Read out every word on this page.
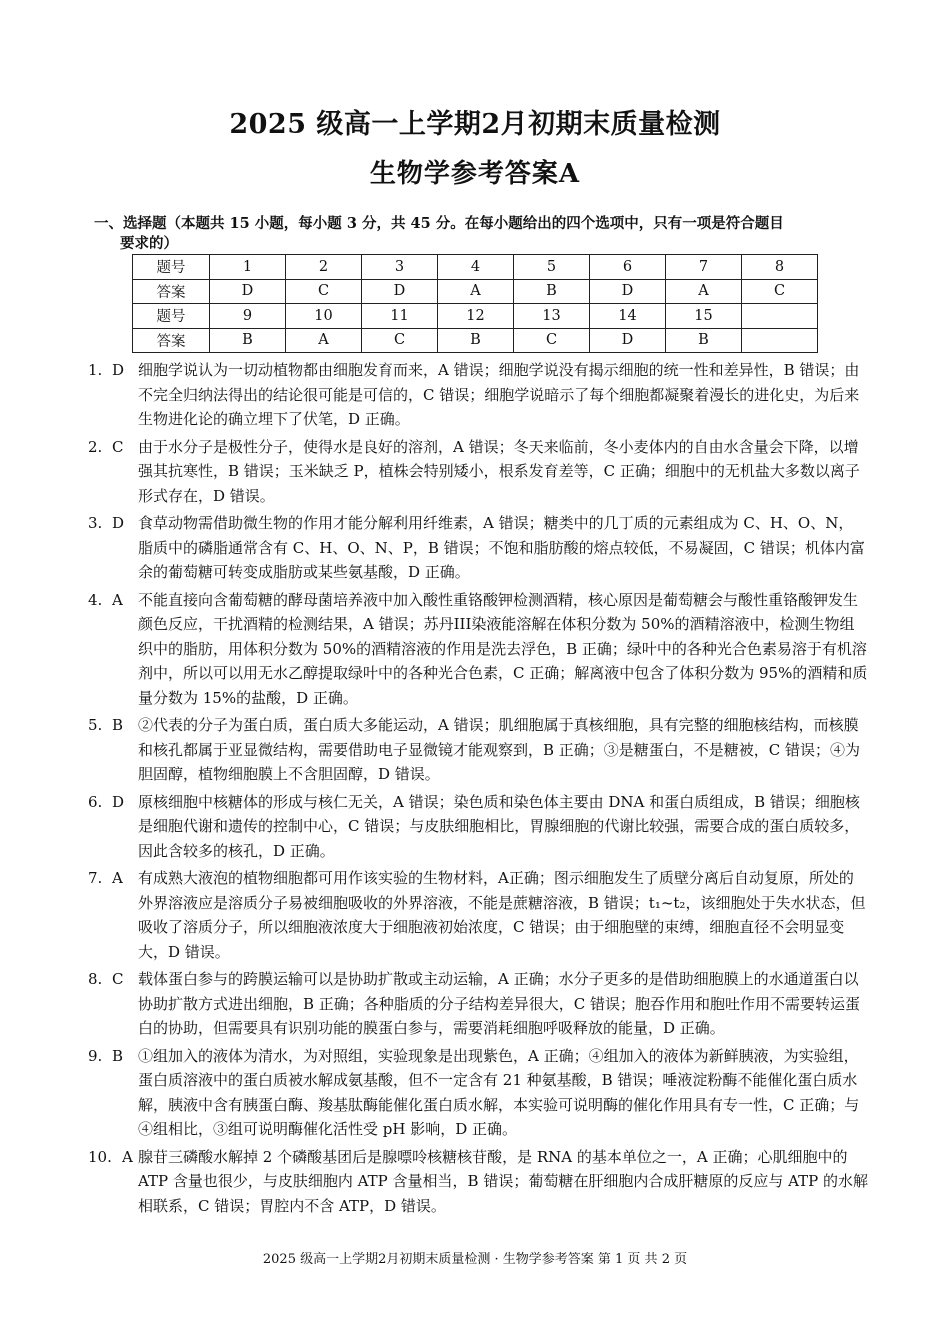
2025 级高一上学期2月初期末质量检测
生物学参考答案A
一、选择题（本题共 15 小题，每小题 3 分，共 45 分。在每小题给出的四个选项中，只有一项是符合题目
要求的）
题号	1	2	3	4	5	6	7	8
答案	D	C	D	A	B	D	A	C
题号	9	10	11	12	13	14	15	
答案	B	A	C	B	C	D	B	
1. D 细胞学说认为一切动植物都由细胞发育而来，A 错误；细胞学说没有揭示细胞的统一性和差异性，B 错误；由不完全归纳法得出的结论很可能是可信的，C 错误；细胞学说暗示了每个细胞都凝聚着漫长的进化史，为后来生物进化论的确立埋下了伏笔，D 正确。
2. C 由于水分子是极性分子，使得水是良好的溶剂，A 错误；冬天来临前，冬小麦体内的自由水含量会下降，以增强其抗寒性，B 错误；玉米缺乏 P，植株会特别矮小，根系发育差等，C 正确；细胞中的无机盐大多数以离子形式存在，D 错误。
3. D 食草动物需借助微生物的作用才能分解利用纤维素，A 错误；糖类中的几丁质的元素组成为 C、H、O、N，脂质中的磷脂通常含有 C、H、O、N、P，B 错误；不饱和脂肪酸的熔点较低，不易凝固，C 错误；机体内富余的葡萄糖可转变成脂肪或某些氨基酸，D 正确。
4. A 不能直接向含葡萄糖的酵母菌培养液中加入酸性重铬酸钾检测酒精，核心原因是葡萄糖会与酸性重铬酸钾发生颜色反应，干扰酒精的检测结果，A 错误；苏丹III染液能溶解在体积分数为 50%的酒精溶液中，检测生物组织中的脂肪，用体积分数为 50%的酒精溶液的作用是洗去浮色，B 正确；绿叶中的各种光合色素易溶于有机溶剂中，所以可以用无水乙醇提取绿叶中的各种光合色素，C 正确；解离液中包含了体积分数为 95%的酒精和质量分数为 15%的盐酸，D 正确。
5. B ②代表的分子为蛋白质，蛋白质大多能运动，A 错误；肌细胞属于真核细胞，具有完整的细胞核结构，而核膜和核孔都属于亚显微结构，需要借助电子显微镜才能观察到，B 正确；③是糖蛋白，不是糖被，C 错误；④为胆固醇，植物细胞膜上不含胆固醇，D 错误。
6. D 原核细胞中核糖体的形成与核仁无关，A 错误；染色质和染色体主要由 DNA 和蛋白质组成，B 错误；细胞核是细胞代谢和遗传的控制中心，C 错误；与皮肤细胞相比，胃腺细胞的代谢比较强，需要合成的蛋白质较多，因此含较多的核孔，D 正确。
7. A 有成熟大液泡的植物细胞都可用作该实验的生物材料，A正确；图示细胞发生了质壁分离后自动复原，所处的外界溶液应是溶质分子易被细胞吸收的外界溶液，不能是蔗糖溶液，B 错误；t₁~t₂，该细胞处于失水状态，但吸收了溶质分子，所以细胞液浓度大于细胞液初始浓度，C 错误；由于细胞壁的束缚，细胞直径不会明显变大，D 错误。
8. C 载体蛋白参与的跨膜运输可以是协助扩散或主动运输，A 正确；水分子更多的是借助细胞膜上的水通道蛋白以协助扩散方式进出细胞，B 正确；各种脂质的分子结构差异很大，C 错误；胞吞作用和胞吐作用不需要转运蛋白的协助，但需要具有识别功能的膜蛋白参与，需要消耗细胞呼吸释放的能量，D 正确。
9. B ①组加入的液体为清水，为对照组，实验现象是出现紫色，A 正确；④组加入的液体为新鲜胰液，为实验组，蛋白质溶液中的蛋白质被水解成氨基酸，但不一定含有 21 种氨基酸，B 错误；唾液淀粉酶不能催化蛋白质水解，胰液中含有胰蛋白酶、羧基肽酶能催化蛋白质水解，本实验可说明酶的催化作用具有专一性，C 正确；与④组相比，③组可说明酶催化活性受 pH 影响，D 正确。
10. A 腺苷三磷酸水解掉 2 个磷酸基团后是腺嘌呤核糖核苷酸，是 RNA 的基本单位之一，A 正确；心肌细胞中的 ATP 含量也很少，与皮肤细胞内 ATP 含量相当，B 错误；葡萄糖在肝细胞内合成肝糖原的反应与 ATP 的水解相联系，C 错误；胃腔内不含 ATP，D 错误。
2025 级高一上学期2月初期末质量检测 · 生物学参考答案 第 1 页 共 2 页
